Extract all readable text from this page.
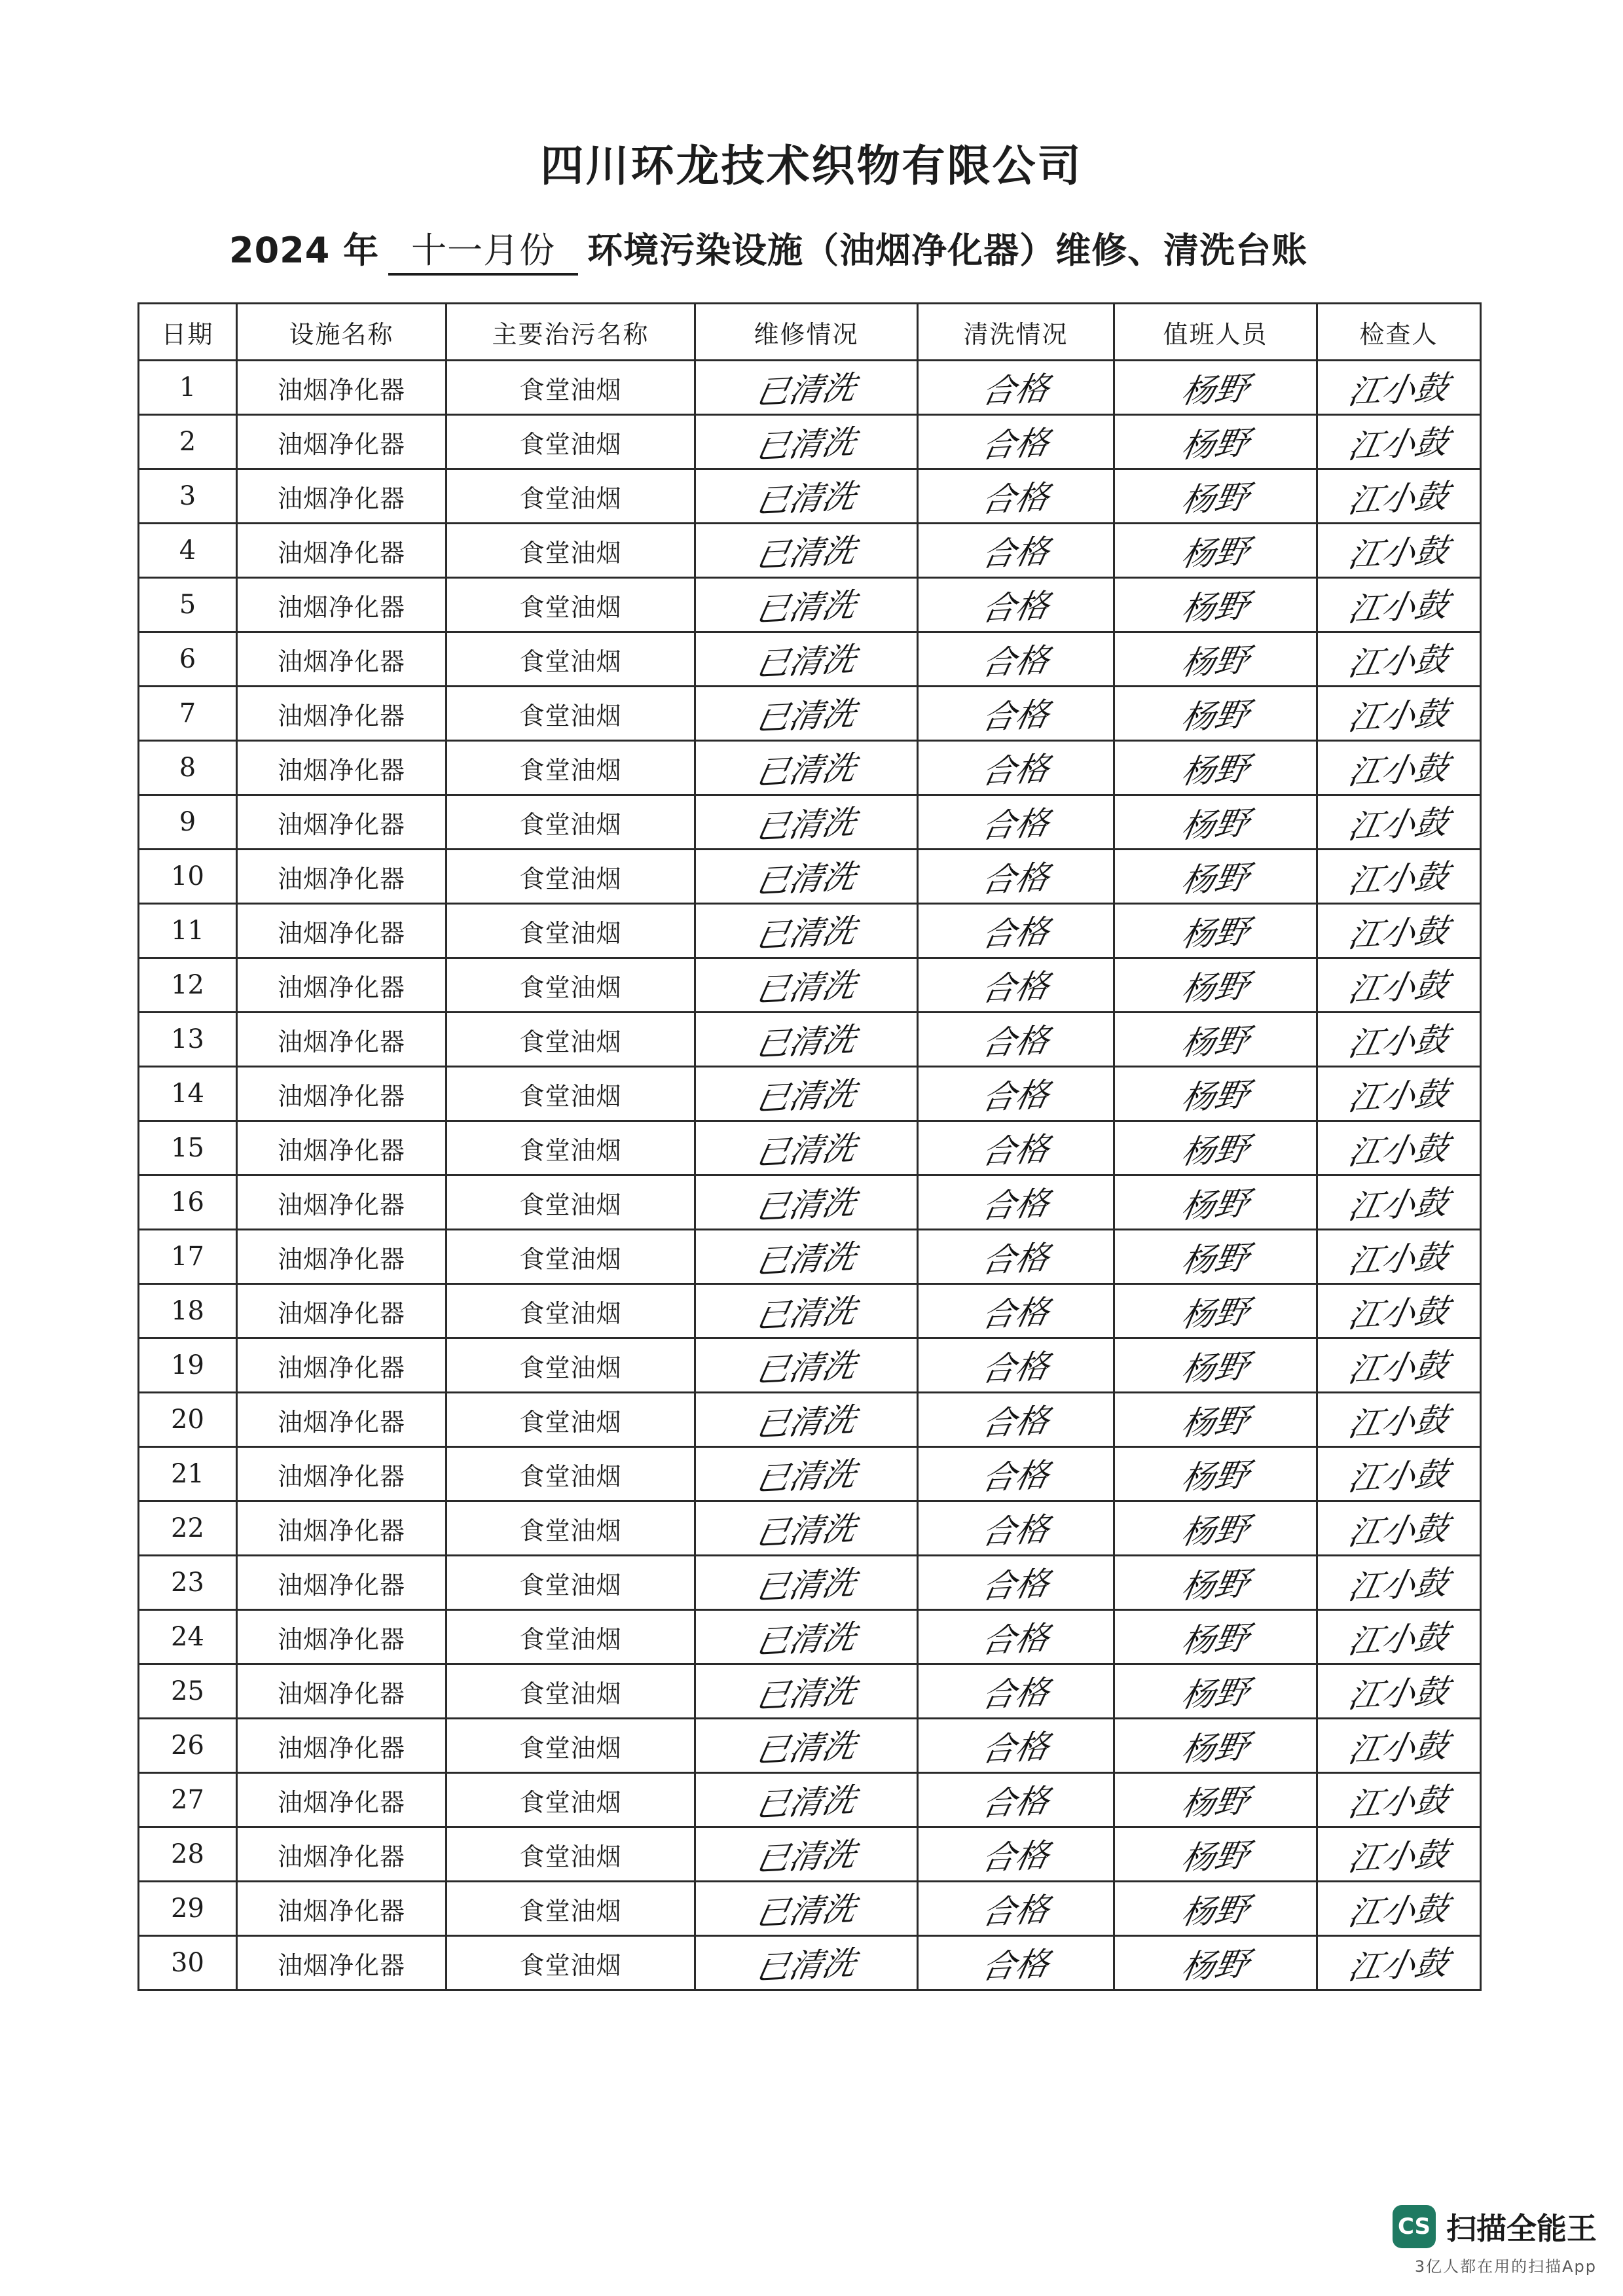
四川环龙技术织物有限公司
2024 年 十一月份 环境污染设施（油烟净化器）维修、清洗台账
日期	设施名称	主要治污名称	维修情况	清洗情况	值班人员	检查人
1	油烟净化器	食堂油烟	已清洗	合格	杨野	江小鼓
2	油烟净化器	食堂油烟	已清洗	合格	杨野	江小鼓
3	油烟净化器	食堂油烟	已清洗	合格	杨野	江小鼓
4	油烟净化器	食堂油烟	已清洗	合格	杨野	江小鼓
5	油烟净化器	食堂油烟	已清洗	合格	杨野	江小鼓
6	油烟净化器	食堂油烟	已清洗	合格	杨野	江小鼓
7	油烟净化器	食堂油烟	已清洗	合格	杨野	江小鼓
8	油烟净化器	食堂油烟	已清洗	合格	杨野	江小鼓
9	油烟净化器	食堂油烟	已清洗	合格	杨野	江小鼓
10	油烟净化器	食堂油烟	已清洗	合格	杨野	江小鼓
11	油烟净化器	食堂油烟	已清洗	合格	杨野	江小鼓
12	油烟净化器	食堂油烟	已清洗	合格	杨野	江小鼓
13	油烟净化器	食堂油烟	已清洗	合格	杨野	江小鼓
14	油烟净化器	食堂油烟	已清洗	合格	杨野	江小鼓
15	油烟净化器	食堂油烟	已清洗	合格	杨野	江小鼓
16	油烟净化器	食堂油烟	已清洗	合格	杨野	江小鼓
17	油烟净化器	食堂油烟	已清洗	合格	杨野	江小鼓
18	油烟净化器	食堂油烟	已清洗	合格	杨野	江小鼓
19	油烟净化器	食堂油烟	已清洗	合格	杨野	江小鼓
20	油烟净化器	食堂油烟	已清洗	合格	杨野	江小鼓
21	油烟净化器	食堂油烟	已清洗	合格	杨野	江小鼓
22	油烟净化器	食堂油烟	已清洗	合格	杨野	江小鼓
23	油烟净化器	食堂油烟	已清洗	合格	杨野	江小鼓
24	油烟净化器	食堂油烟	已清洗	合格	杨野	江小鼓
25	油烟净化器	食堂油烟	已清洗	合格	杨野	江小鼓
26	油烟净化器	食堂油烟	已清洗	合格	杨野	江小鼓
27	油烟净化器	食堂油烟	已清洗	合格	杨野	江小鼓
28	油烟净化器	食堂油烟	已清洗	合格	杨野	江小鼓
29	油烟净化器	食堂油烟	已清洗	合格	杨野	江小鼓
30	油烟净化器	食堂油烟	已清洗	合格	杨野	江小鼓
CS 扫描全能王
3亿人都在用的扫描App
